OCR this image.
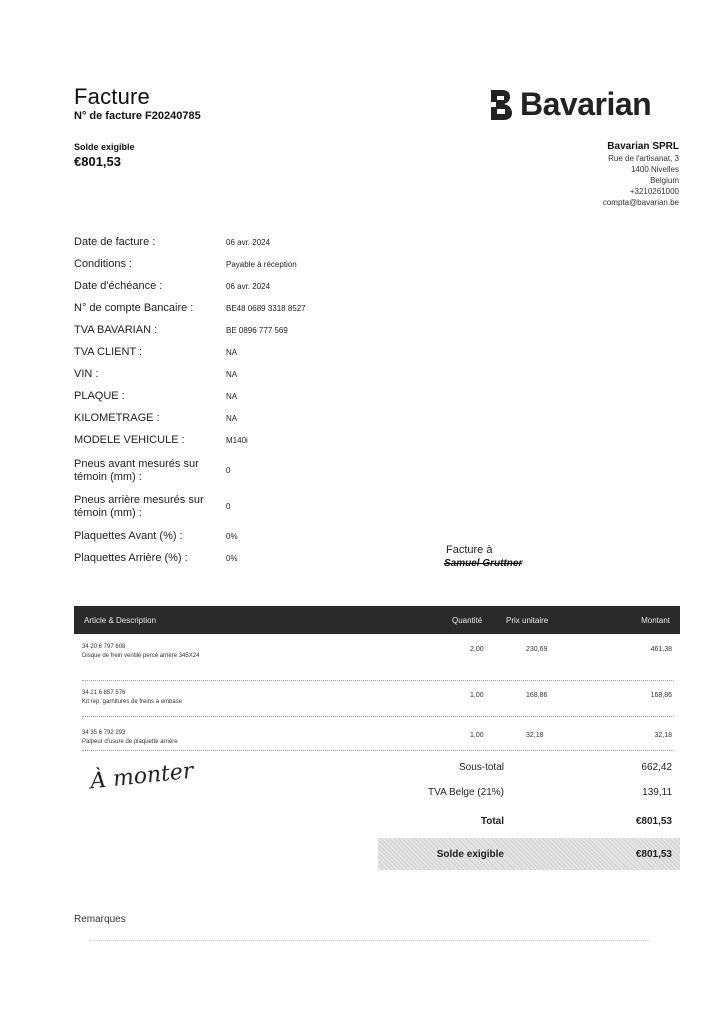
Facture
N° de facture F20240785
Solde exigible
€801,53
Bavarian
Bavarian SPRL
Rue de l'artisanat, 3
1400 Nivelles
Belgium
+3210261000
compta@bavarian.be
Date de facture :	06 avr. 2024
Conditions :	Payable à réception
Date d'échéance :	06 avr. 2024
N° de compte Bancaire :	BE48 0689 3318 8527
TVA BAVARIAN :	BE 0896 777 569
TVA CLIENT :	NA
VIN :	NA
PLAQUE :	NA
KILOMETRAGE :	NA
MODELE VEHICULE :	M140i
Pneus avant mesurés sur témoin (mm) :
0
Pneus arrière mesurés sur témoin (mm) :
0
Plaquettes Avant (%) :	0%
Plaquettes Arrière (%) :	0%
Facture à
Samuel Gruttner
Article & Description	Quantité	Prix unitaire	Montant
34 20 6 797 608
Disque de frein ventilé percé arrière 345X24
2,00	230,69	461,38
34 21 6 857 576
Kit rep. garnitures de freins à embase
1,00	168,86	168,86
34 35 6 792 293
Palpeur d'usure de plaquette arrière
1,00	32,18	32,18
À monter	Sous-total	662,42
TVA Belge (21%)	139,11
Total	€801,53
Solde exigible	€801,53
Remarques
